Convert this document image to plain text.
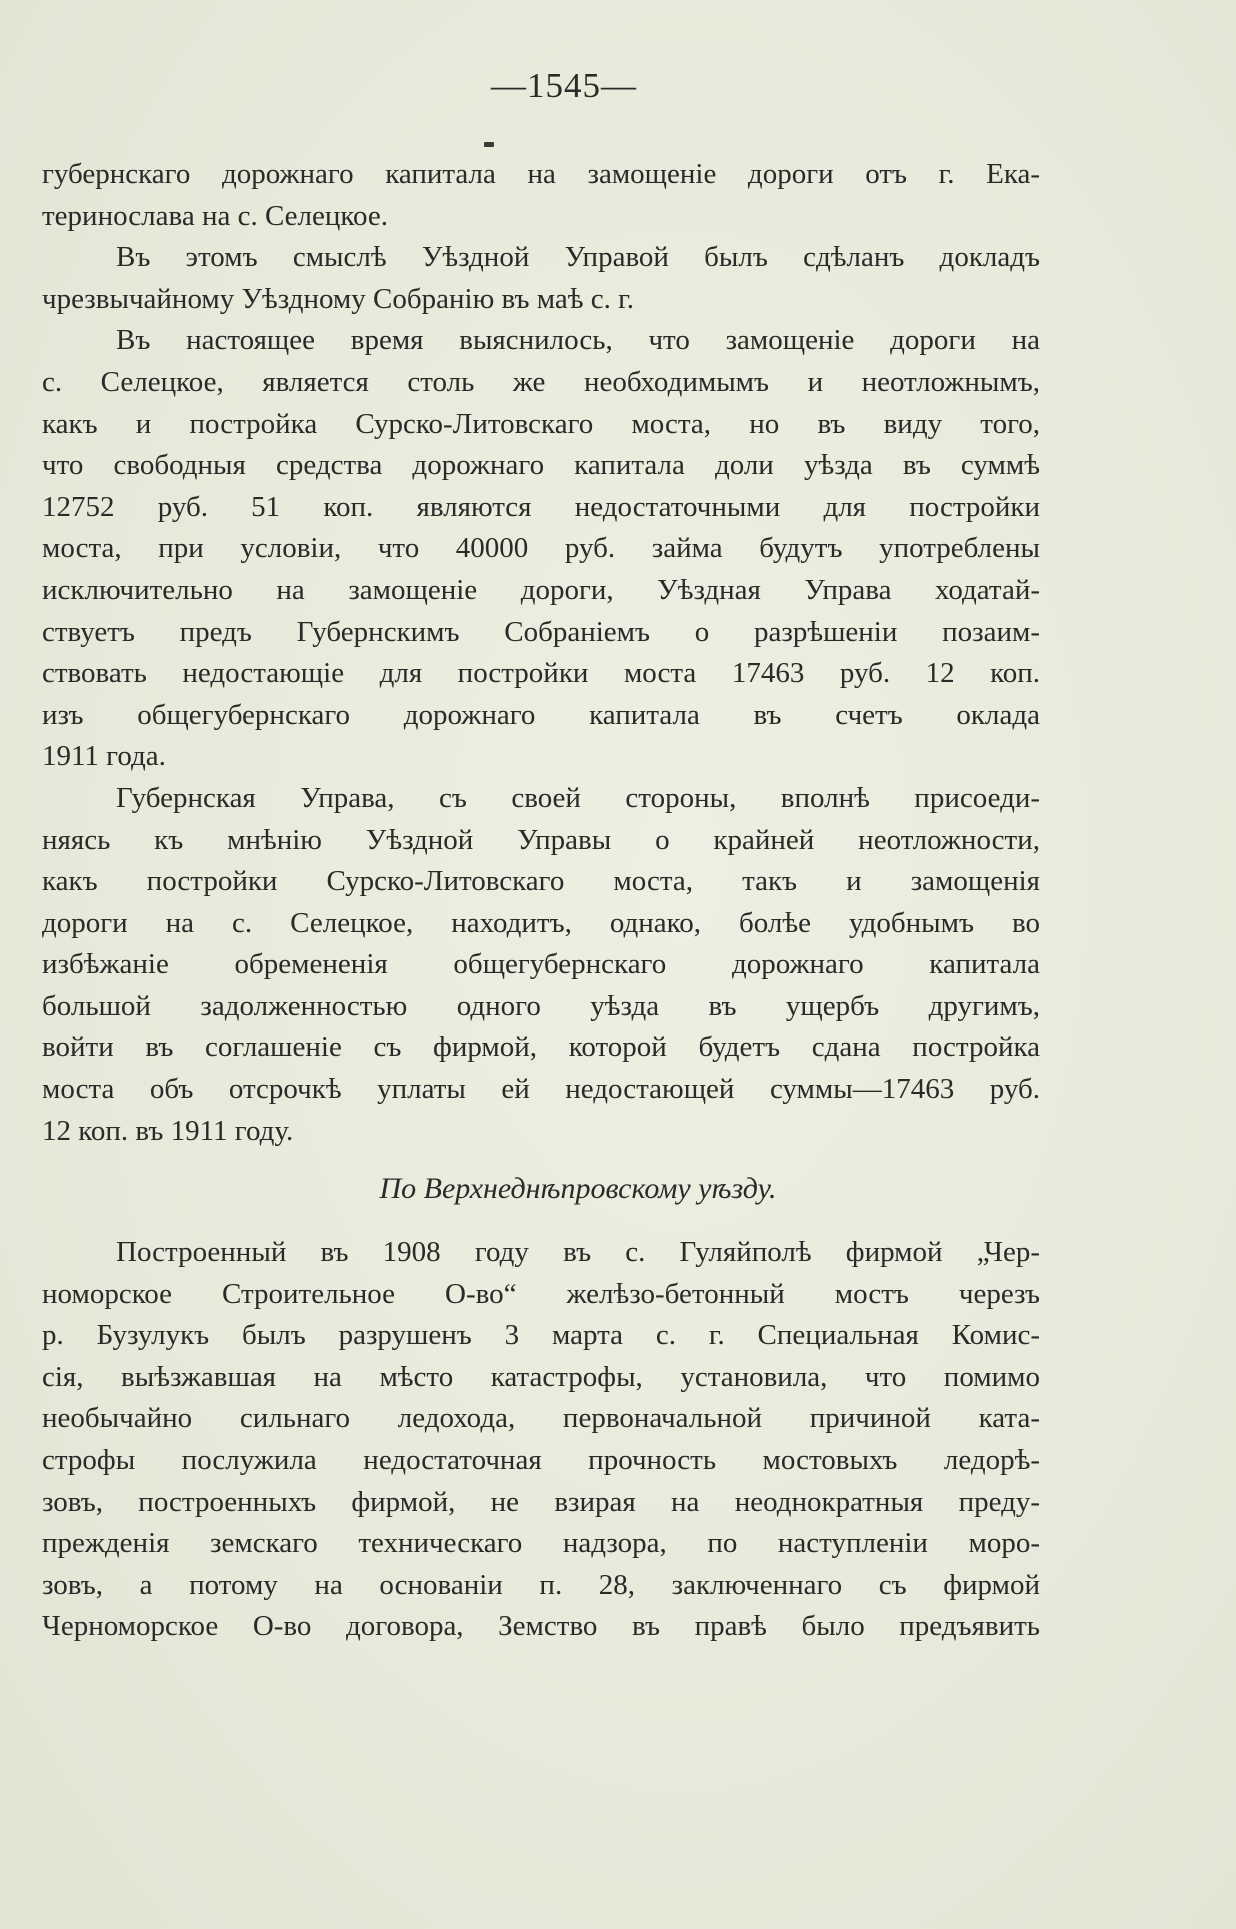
—1545—
губернскаго дорожнаго капитала на замощеніе дороги отъ г. Ека-
теринослава на с. Селецкое.
Въ этомъ смыслѣ Уѣздной Управой былъ сдѣланъ докладъ
чрезвычайному Уѣздному Собранію въ маѣ с. г.
Въ настоящее время выяснилось, что замощеніе дороги на
с. Селецкое, является столь же необходимымъ и неотложнымъ,
какъ и постройка Сурско-Литовскаго моста, но въ виду того,
что свободныя средства дорожнаго капитала доли уѣзда въ суммѣ
12752 руб. 51 коп. являются недостаточными для постройки
моста, при условіи, что 40000 руб. займа будутъ употреблены
исключительно на замощеніе дороги, Уѣздная Управа ходатай-
ствуетъ предъ Губернскимъ Собраніемъ о разрѣшеніи позаим-
ствовать недостающіе для постройки моста 17463 руб. 12 коп.
изъ общегубернскаго дорожнаго капитала въ счетъ оклада
1911 года.
Губернская Управа, съ своей стороны, вполнѣ присоеди-
няясь къ мнѣнію Уѣздной Управы о крайней неотложности,
какъ постройки Сурско-Литовскаго моста, такъ и замощенія
дороги на с. Селецкое, находитъ, однако, болѣе удобнымъ во
избѣжаніе обремененія общегубернскаго дорожнаго капитала
большой задолженностью одного уѣзда въ ущербъ другимъ,
войти въ соглашеніе съ фирмой, которой будетъ сдана постройка
моста объ отсрочкѣ уплаты ей недостающей суммы—17463 руб.
12 коп. въ 1911 году.
По Верхнеднѣпровскому уѣзду.
Построенный въ 1908 году въ с. Гуляйполѣ фирмой „Чер-
номорское Строительное О-во“ желѣзо-бетонный мостъ черезъ
р. Бузулукъ былъ разрушенъ 3 марта с. г. Специальная Комис-
сія, выѣзжавшая на мѣсто катастрофы, установила, что помимо
необычайно сильнаго ледохода, первоначальной причиной ката-
строфы послужила недостаточная прочность мостовыхъ ледорѣ-
зовъ, построенныхъ фирмой, не взирая на неоднократныя преду-
прежденія земскаго техническаго надзора, по наступленіи моро-
зовъ, а потому на основаніи п. 28, заключеннаго съ фирмой
Черноморское О-во договора, Земство въ правѣ было предъявить
